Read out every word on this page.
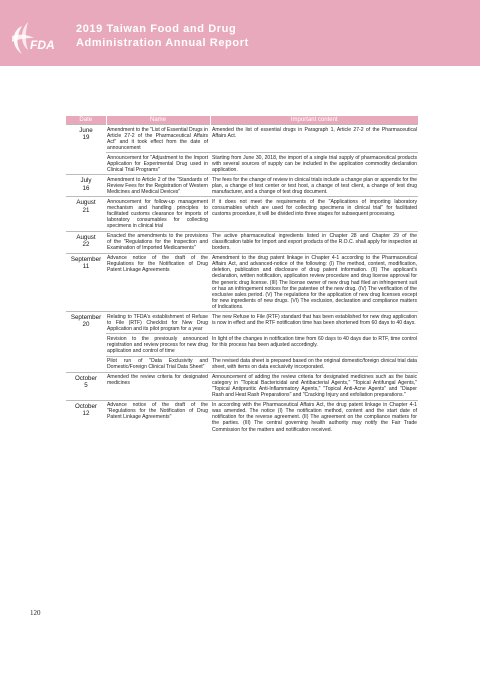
FDA
2019 Taiwan Food and Drug
Administration Annual Report
Date	Name	Important content

June
19	Amendment to the "List of Essential Drugs in Article 27-2 of the Pharmaceutical Affairs Act" and it took effect from the date of announcement	Amended the list of essential drugs in Paragraph 1, Article 27-2 of the Pharmaceutical Affairs Act.

	Announcement for "Adjustment to the Import Application for Experimental Drug used in Clinical Trial Programs"	Starting from June 30, 2018, the import of a single trial supply of pharmaceutical products with several sources of supply can be included in the application commodity declaration application.

July
16	Amendment to Article 2 of the "Standards of Review Fees for the Registration of Western Medicines and Medical Devices"	The fees for the change of review in clinical trials include a change plan or appendix for the plan, a change of test center or test host, a change of test client, a change of test drug manufacturer, and a change of test drug document.

August
21	Announcement for follow-up management mechanism and handling principles to facilitated customs clearance for imports of laboratory consumables for collecting specimens in clinical trial	If it does not meet the requirements of the "Applications of importing laboratory consumables which are used for collecting specimens in clinical trial" for facilitated customs procedure, it will be divided into three stages for subsequent processing.

August
22	Enacted the amendments to the provisions of the "Regulations for the Inspection and Examination of Imported Medicaments"	The active pharmaceutical ingredients listed in Chapter 28 and Chapter 29 of the classification table for Import and export products of the R.O.C. shall apply for inspection at borders.

September
11	Advance notice of the draft of the Regulations for the Notification of Drug Patent Linkage Agreements	Amendment to the drug patent linkage in Chapter 4-1 according to the Pharmaceutical Affairs Act, and advanced-notice of the following: (I) The method, content, modification, deletion, publication and disclosure of drug patent information. (II) The applicant's declaration, written notification, application review procedure and drug license approval for the generic drug license. (III) The license owner of new drug had filed an infringement suit or has an infringement notices for the patentee of the new drug. (IV) The verification of the exclusive sales period. (V) The regulations for the application of new drug licenses except for new ingredients of new drugs. (VI) The exclusion, declaration and compliance matters of Indications.

September
20	Relating to TFDA's establishment of Refuse to File (RTF) Checklist for New Drug Application and its pilot program for a year	The new Refuse to File (RTF) standard that has been established for new drug application is now in effect and the RTF notification time has been shortened from 60 days to 40 days.

	Revision to the previously announced registration and review process for new drug application and control of time	In light of the changes in notification time from 60 days to 40 days due to RTF, time control for this process has been adjusted accordingly.

	Pilot run of "Data Exclusivity and Domestic/Foreign Clinical Trial Data Sheet"	The revised data sheet is prepared based on the original domestic/foreign clinical trial data sheet, with items on data exclusivity incorporated.

October
5	Amended the review criteria for designated medicines	Announcement of adding the review criteria for designated medicines such as the basic category in "Topical Bactericidal and Antibacterial Agents," "Topical Antifungal Agents," "Topical Antipruritic Anti-Inflammatory Agents," "Topical Anti-Acne Agents" and "Diaper Rash and Heat Rash Preparations" and "Cracking Injury and exfoliation preparations."

October
12	Advance notice of the draft of the "Regulations for the Notification of Drug Patent Linkage Agreements"	In according with the Pharmaceutical Affairs Act, the drug patent linkage in Chapter 4-1 was amended. The notice (I) The notification method, content and the start date of notification for the reverse agreement. (II) The agreement on the compliance matters for the parties. (III) The central governing health authority may notify the Fair Trade Commission for the matters and notification received.
120
